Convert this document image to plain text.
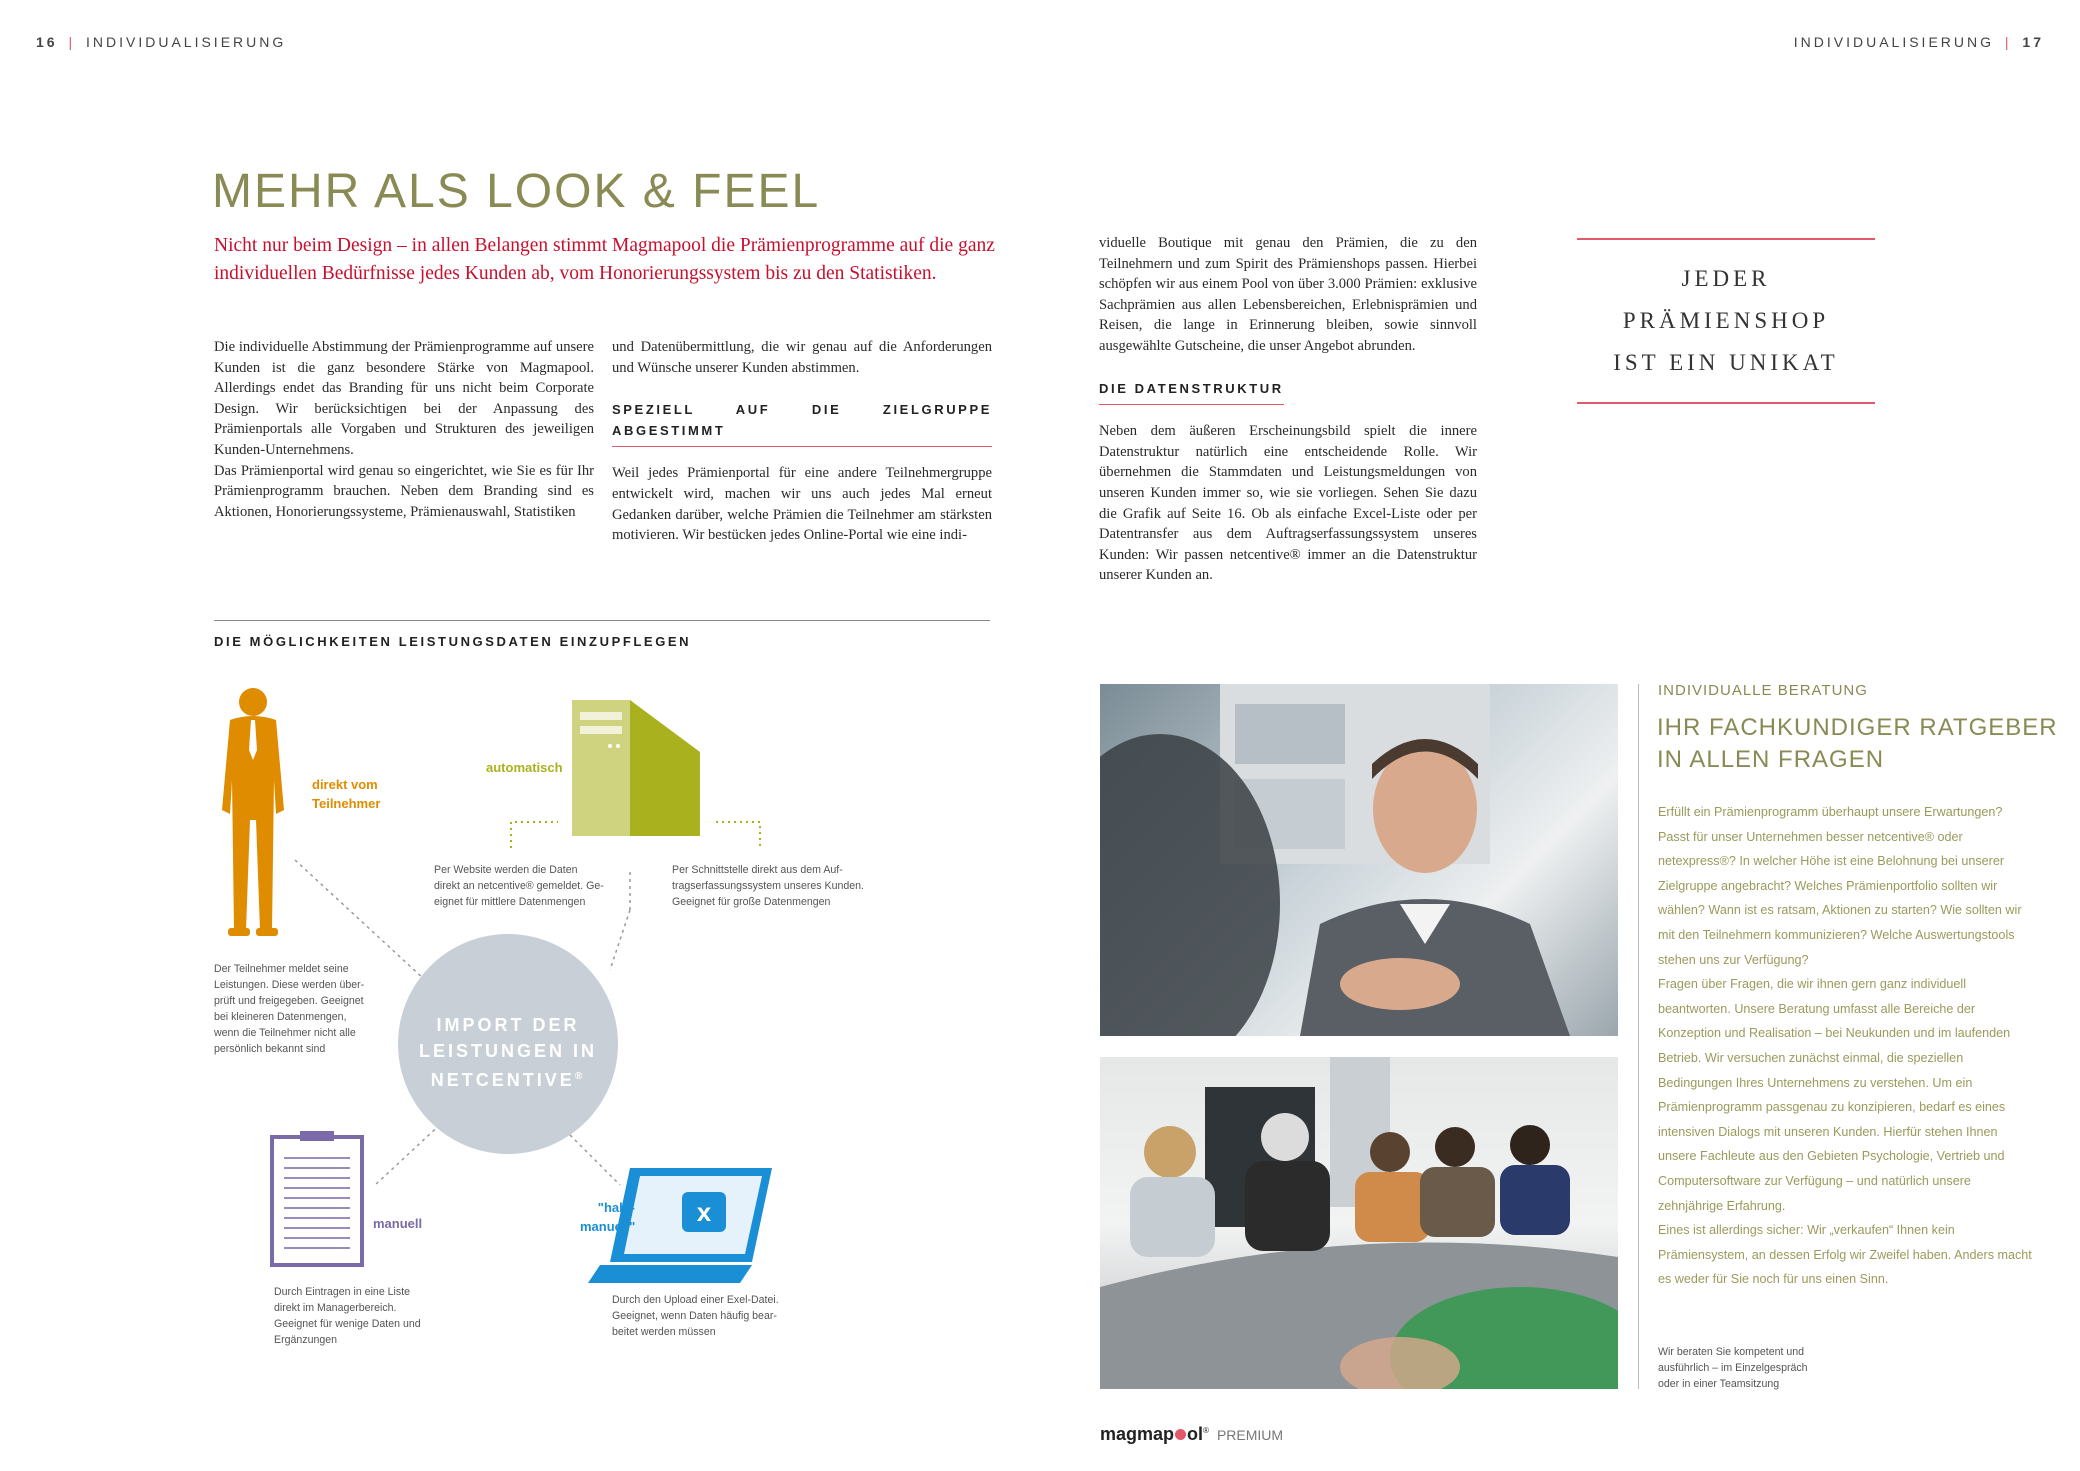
16 | INDIVIDUALISIERUNG	INDIVIDUALISIERUNG | 17
MEHR ALS LOOK & FEEL
Nicht nur beim Design – in allen Belangen stimmt Magmapool die Prämienprogramme auf die ganz individuellen Bedürfnisse jedes Kunden ab, vom Honorierungssystem bis zu den Statistiken.
Die individuelle Abstimmung der Prämienprogramme auf unsere Kunden ist die ganz besondere Stärke von Magmapool. Allerdings endet das Branding für uns nicht beim Corporate Design. Wir berücksichtigen bei der Anpassung des Prämienportals alle Vorgaben und Strukturen des jeweiligen Kunden-Unternehmens.
Das Prämienportal wird genau so eingerichtet, wie Sie es für Ihr Prämienprogramm brauchen. Neben dem Branding sind es Aktionen, Honorierungssysteme, Prämienauswahl, Statistiken
und Datenübermittlung, die wir genau auf die Anforderungen und Wünsche unserer Kunden abstimmen.
SPEZIELL AUF DIE ZIELGRUPPE ABGESTIMMT
Weil jedes Prämienportal für eine andere Teilnehmergruppe entwickelt wird, machen wir uns auch jedes Mal erneut Gedanken darüber, welche Prämien die Teilnehmer am stärksten motivieren. Wir bestücken jedes Online-Portal wie eine indi-
viduelle Boutique mit genau den Prämien, die zu den Teilnehmern und zum Spirit des Prämienshops passen. Hierbei schöpfen wir aus einem Pool von über 3.000 Prämien: exklusive Sachprämien aus allen Lebensbereichen, Erlebnisprämien und Reisen, die lange in Erinnerung bleiben, sowie sinnvoll ausgewählte Gutscheine, die unser Angebot abrunden.
DIE DATENSTRUKTUR
Neben dem äußeren Erscheinungsbild spielt die innere Datenstruktur natürlich eine entscheidende Rolle. Wir übernehmen die Stammdaten und Leistungsmeldungen von unseren Kunden immer so, wie sie vorliegen. Sehen Sie dazu die Grafik auf Seite 16. Ob als einfache Excel-Liste oder per Datentransfer aus dem Auftragserfassungssystem unseres Kunden: Wir passen netcentive® immer an die Datenstruktur unserer Kunden an.
JEDER PRÄMIENSHOP
IST EIN UNIKAT
DIE MÖGLICHKEITEN LEISTUNGSDATEN EINZUPFLEGEN
x
IMPORT DER
LEISTUNGEN IN
NETCENTIVE®
direkt vom
Teilnehmer
Der Teilnehmer meldet seine
Leistungen. Diese werden über-
prüft und freigegeben. Geeignet
bei kleineren Datenmengen,
wenn die Teilnehmer nicht alle
persönlich bekannt sind
automatisch
Per Website werden die Daten
direkt an netcentive® gemeldet. Ge-
eignet für mittlere Datenmengen
Per Schnittstelle direkt aus dem Auf-
tragserfassungssystem unseres Kunden.
Geeignet für große Datenmengen
manuell
Durch Eintragen in eine Liste
direkt im Managerbereich.
Geeignet für wenige Daten und
Ergänzungen
"halb-
manuell"
Durch den Upload einer Exel-Datei.
Geeignet, wenn Daten häufig bear-
beitet werden müssen
INDIVIDUALLE BERATUNG
IHR FACHKUNDIGER RATGEBER
IN ALLEN FRAGEN
Erfüllt ein Prämienprogramm überhaupt unsere Erwartungen? Passt für unser Unternehmen besser netcentive® oder netexpress®? In welcher Höhe ist eine Belohnung bei unserer Zielgruppe angebracht? Welches Prämienportfolio sollten wir wählen? Wann ist es ratsam, Aktionen zu starten? Wie sollten wir mit den Teilnehmern kommunizieren? Welche Auswertungstools stehen uns zur Verfügung?
Fragen über Fragen, die wir ihnen gern ganz individuell beantworten. Unsere Beratung umfasst alle Bereiche der Konzeption und Realisation – bei Neukunden und im laufenden Betrieb. Wir versuchen zunächst einmal, die speziellen Bedingungen Ihres Unternehmens zu verstehen. Um ein Prämienprogramm passgenau zu konzipieren, bedarf es eines intensiven Dialogs mit unseren Kunden. Hierfür stehen Ihnen unsere Fachleute aus den Gebieten Psychologie, Vertrieb und Computersoftware zur Verfügung – und natürlich unsere zehnjährige Erfahrung.
Eines ist allerdings sicher: Wir „verkaufen“ Ihnen kein Prämiensystem, an dessen Erfolg wir Zweifel haben. Anders macht es weder für Sie noch für uns einen Sinn.
Wir beraten Sie kompetent und
ausführlich – im Einzelgespräch
oder in einer Teamsitzung
magmap ol® PREMIUM
